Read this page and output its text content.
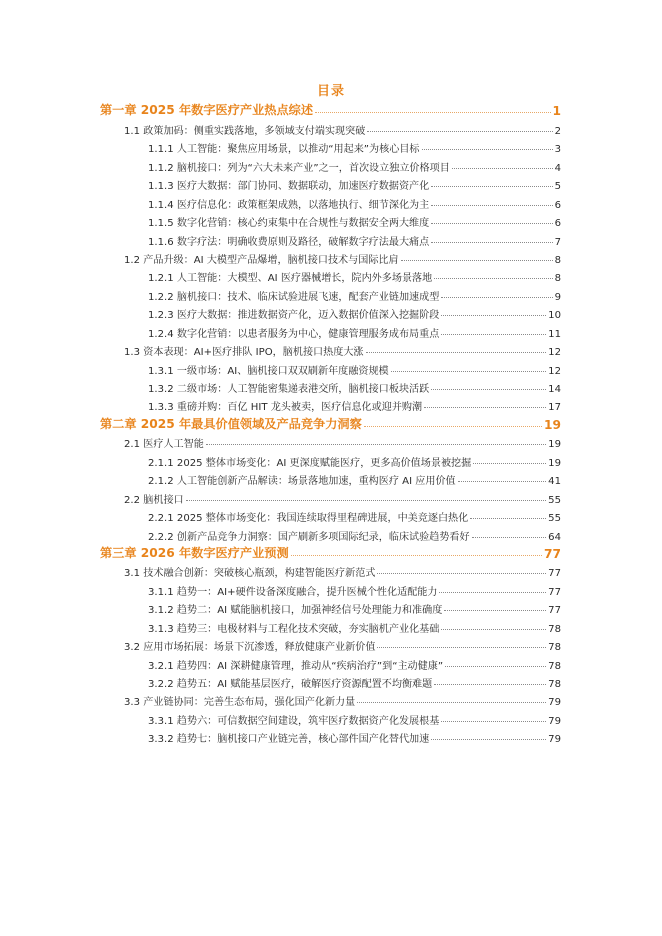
目录
第一章 2025 年数字医疗产业热点综述	1
1.1 政策加码：侧重实践落地，多领域支付端实现突破	2
1.1.1 人工智能：聚焦应用场景，以推动“用起来”为核心目标	3
1.1.2 脑机接口：列为“六大未来产业”之一，首次设立独立价格项目	4
1.1.3 医疗大数据：部门协同、数据联动，加速医疗数据资产化	5
1.1.4 医疗信息化：政策框架成熟，以落地执行、细节深化为主	6
1.1.5 数字化营销：核心约束集中在合规性与数据安全两大维度	6
1.1.6 数字疗法：明确收费原则及路径，破解数字疗法最大痛点	7
1.2 产品升级：AI 大模型产品爆增，脑机接口技术与国际比肩	8
1.2.1 人工智能：大模型、AI 医疗器械增长，院内外多场景落地	8
1.2.2 脑机接口：技术、临床试验进展飞速，配套产业链加速成型	9
1.2.3 医疗大数据：推进数据资产化，迈入数据价值深入挖掘阶段	10
1.2.4 数字化营销：以患者服务为中心，健康管理服务成布局重点	11
1.3 资本表现：AI+医疗排队 IPO，脑机接口热度大涨	12
1.3.1 一级市场：AI、脑机接口双双刷新年度融资规模	12
1.3.2 二级市场：人工智能密集递表港交所，脑机接口板块活跃	14
1.3.3 重磅并购：百亿 HIT 龙头被卖，医疗信息化或迎并购潮	17
第二章 2025 年最具价值领域及产品竞争力洞察	19
2.1 医疗人工智能	19
2.1.1 2025 整体市场变化：AI 更深度赋能医疗，更多高价值场景被挖掘	19
2.1.2 人工智能创新产品解读：场景落地加速，重构医疗 AI 应用价值	41
2.2 脑机接口	55
2.2.1 2025 整体市场变化：我国连续取得里程碑进展，中美竞逐白热化	55
2.2.2 创新产品竞争力洞察：国产刷新多项国际纪录，临床试验趋势看好	64
第三章 2026 年数字医疗产业预测	77
3.1 技术融合创新：突破核心瓶颈，构建智能医疗新范式	77
3.1.1 趋势一：AI+硬件设备深度融合，提升医械个性化适配能力	77
3.1.2 趋势二：AI 赋能脑机接口，加强神经信号处理能力和准确度	77
3.1.3 趋势三：电极材料与工程化技术突破，夯实脑机产业化基础	78
3.2 应用市场拓展：场景下沉渗透，释放健康产业新价值	78
3.2.1 趋势四：AI 深耕健康管理，推动从“疾病治疗”到“主动健康”	78
3.2.2 趋势五：AI 赋能基层医疗，破解医疗资源配置不均衡难题	78
3.3 产业链协同：完善生态布局，强化国产化新力量	79
3.3.1 趋势六：可信数据空间建设，筑牢医疗数据资产化发展根基	79
3.3.2 趋势七：脑机接口产业链完善，核心部件国产化替代加速	79
